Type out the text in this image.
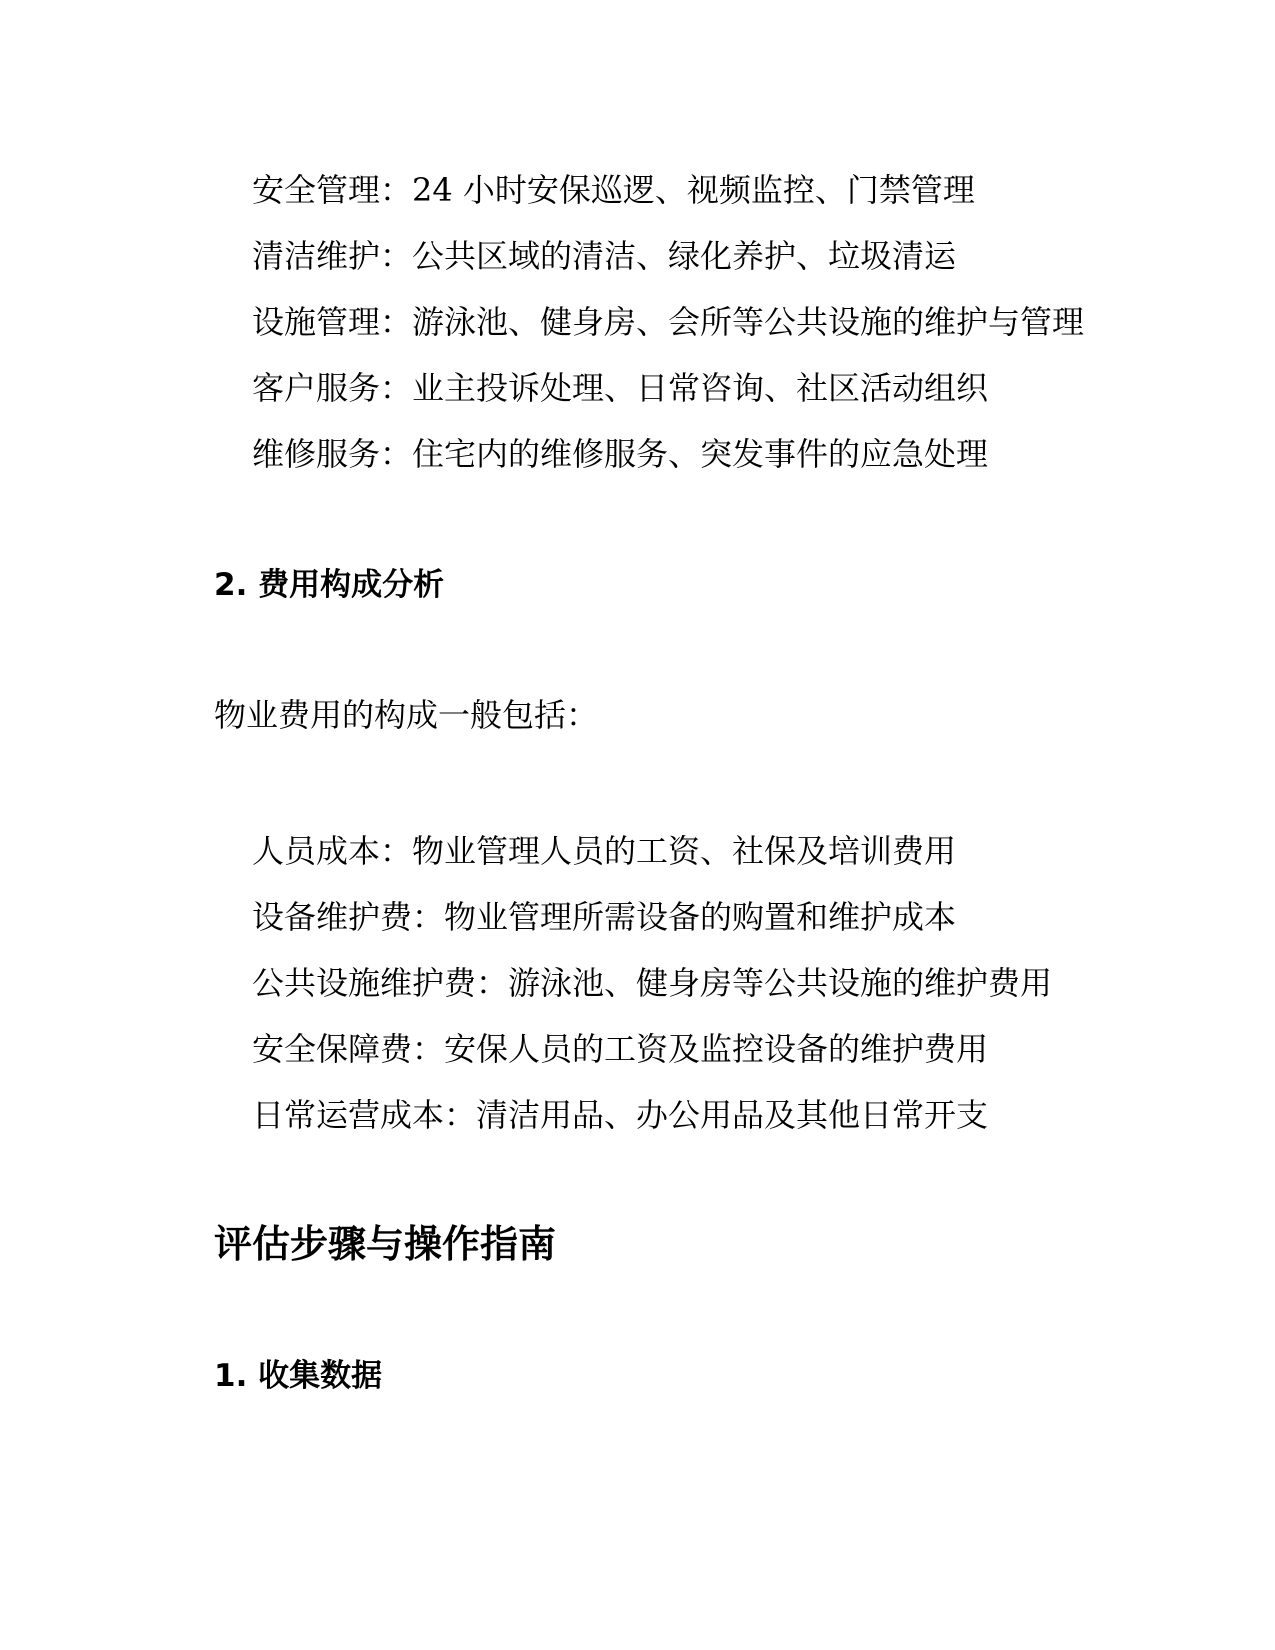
安全管理：24 小时安保巡逻、视频监控、门禁管理
清洁维护：公共区域的清洁、绿化养护、垃圾清运
设施管理：游泳池、健身房、会所等公共设施的维护与管理
客户服务：业主投诉处理、日常咨询、社区活动组织
维修服务：住宅内的维修服务、突发事件的应急处理
2. 费用构成分析

物业费用的构成一般包括：

人员成本：物业管理人员的工资、社保及培训费用
设备维护费：物业管理所需设备的购置和维护成本
公共设施维护费：游泳池、健身房等公共设施的维护费用
安全保障费：安保人员的工资及监控设备的维护费用
日常运营成本：清洁用品、办公用品及其他日常开支
评估步骤与操作指南
1. 收集数据
